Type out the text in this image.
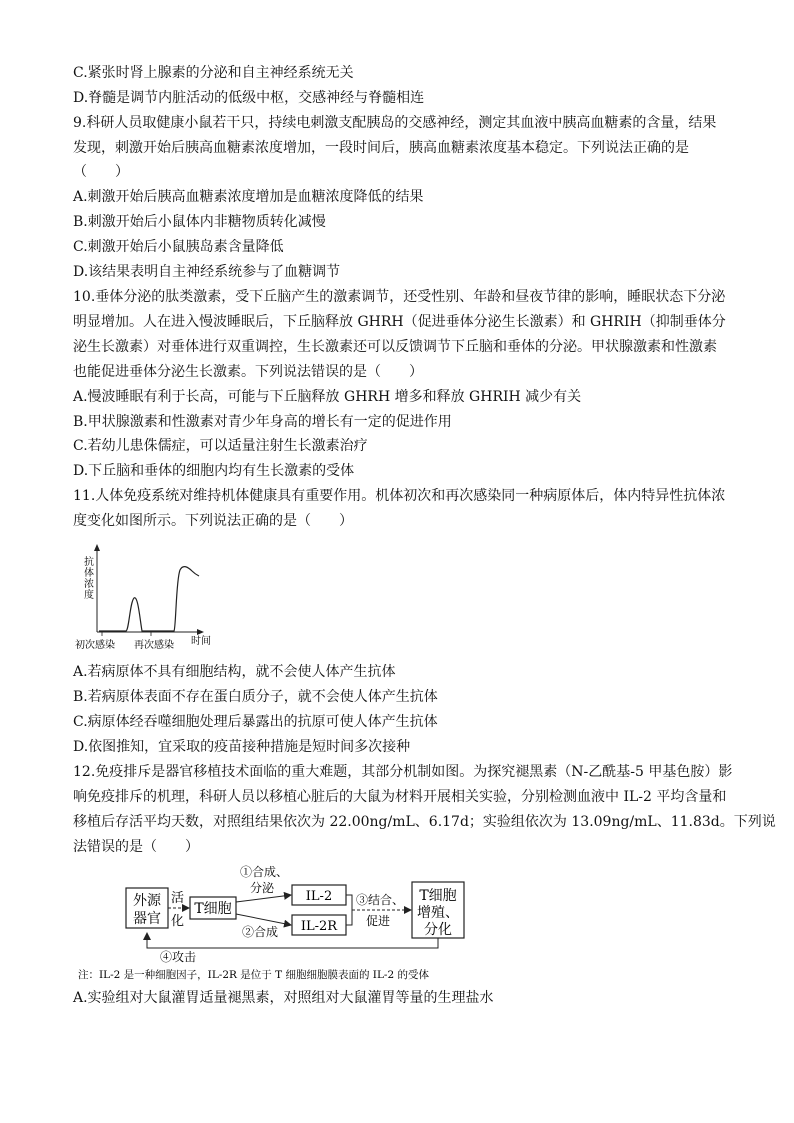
C.紧张时肾上腺素的分泌和自主神经系统无关
D.脊髓是调节内脏活动的低级中枢，交感神经与脊髓相连
9.科研人员取健康小鼠若干只，持续电刺激支配胰岛的交感神经，测定其血液中胰高血糖素的含量，结果
发现，刺激开始后胰高血糖素浓度增加，一段时间后，胰高血糖素浓度基本稳定。下列说法正确的是
（　　）
A.刺激开始后胰高血糖素浓度增加是血糖浓度降低的结果
B.刺激开始后小鼠体内非糖物质转化减慢
C.刺激开始后小鼠胰岛素含量降低
D.该结果表明自主神经系统参与了血糖调节
10.垂体分泌的肽类激素，受下丘脑产生的激素调节，还受性别、年龄和昼夜节律的影响，睡眠状态下分泌
明显增加。人在进入慢波睡眠后，下丘脑释放 GHRH（促进垂体分泌生长激素）和 GHRIH（抑制垂体分
泌生长激素）对垂体进行双重调控，生长激素还可以反馈调节下丘脑和垂体的分泌。甲状腺激素和性激素
也能促进垂体分泌生长激素。下列说法错误的是（　　）
A.慢波睡眠有利于长高，可能与下丘脑释放 GHRH 增多和释放 GHRIH 减少有关
B.甲状腺激素和性激素对青少年身高的增长有一定的促进作用
C.若幼儿患侏儒症，可以适量注射生长激素治疗
D.下丘脑和垂体的细胞内均有生长激素的受体
11.人体免疫系统对维持机体健康具有重要作用。机体初次和再次感染同一种病原体后，体内特异性抗体浓
度变化如图所示。下列说法正确的是（　　）
抗体浓度
初次感染 再次感染 时间
A.若病原体不具有细胞结构，就不会使人体产生抗体
B.若病原体表面不存在蛋白质分子，就不会使人体产生抗体
C.病原体经吞噬细胞处理后暴露出的抗原可使人体产生抗体
D.依图推知，宜采取的疫苗接种措施是短时间多次接种
12.免疫排斥是器官移植技术面临的重大难题，其部分机制如图。为探究褪黑素（N-乙酰基-5 甲基色胺）影
响免疫排斥的机理，科研人员以移植心脏后的大鼠为材料开展相关实验，分别检测血液中 IL-2 平均含量和
移植后存活平均天数，对照组结果依次为 22.00ng/mL、6.17d；实验组依次为 13.09ng/mL、11.83d。下列说
法错误的是（　　）
外源
器官
T细胞
IL-2
IL-2R
T细胞
增殖、
分化
活
化
①合成、
分泌
②合成
③结合、
促进
④攻击
注：IL-2 是一种细胞因子，IL-2R 是位于 T 细胞细胞膜表面的 IL-2 的受体
A.实验组对大鼠灌胃适量褪黑素，对照组对大鼠灌胃等量的生理盐水
